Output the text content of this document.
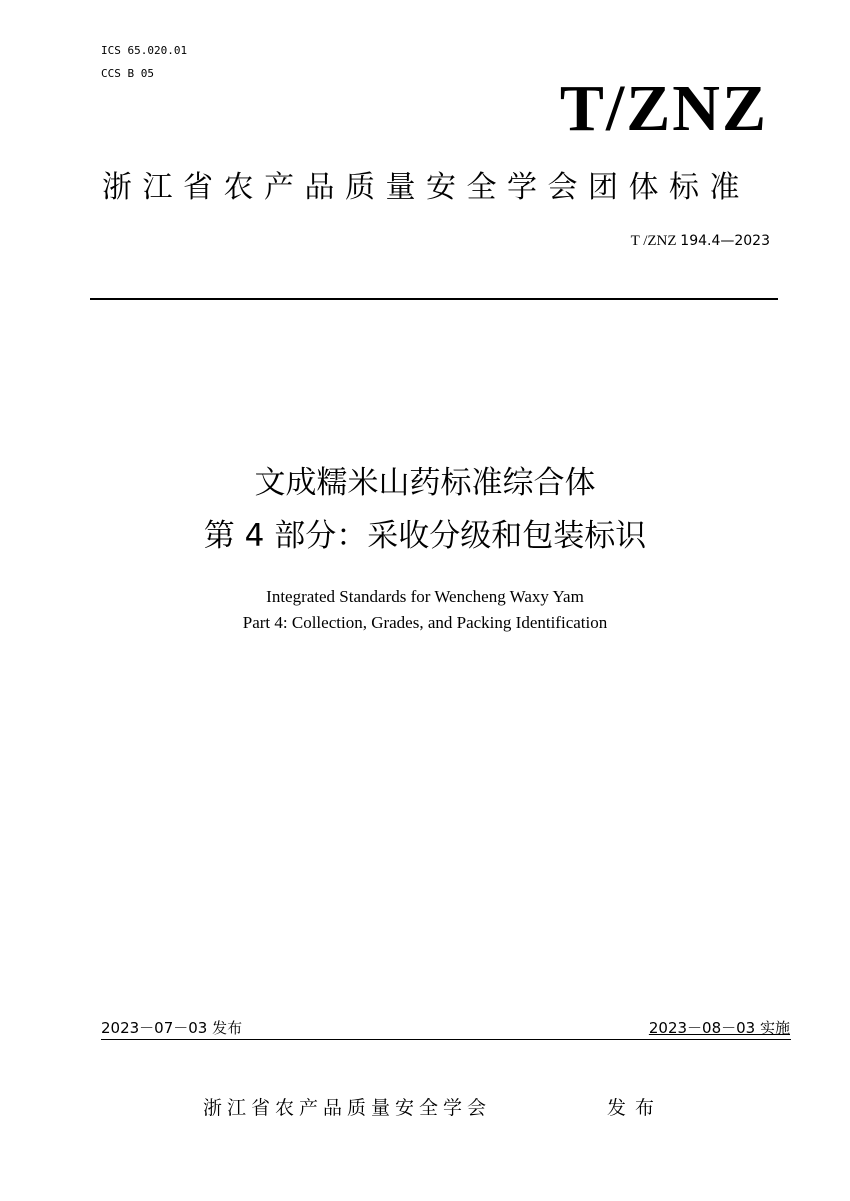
ICS 65.020.01
CCS B 05	T/ZNZ
浙江省农产品质量安全学会团体标准
T /ZNZ 194.4—2023
文成糯米山药标准综合体
第 4 部分：采收分级和包装标识
Integrated Standards for Wencheng Waxy Yam
Part 4: Collection, Grades, and Packing Identification
2023－07－03 发布	2023－08－03 实施
浙江省农产品质量安全学会	发布
